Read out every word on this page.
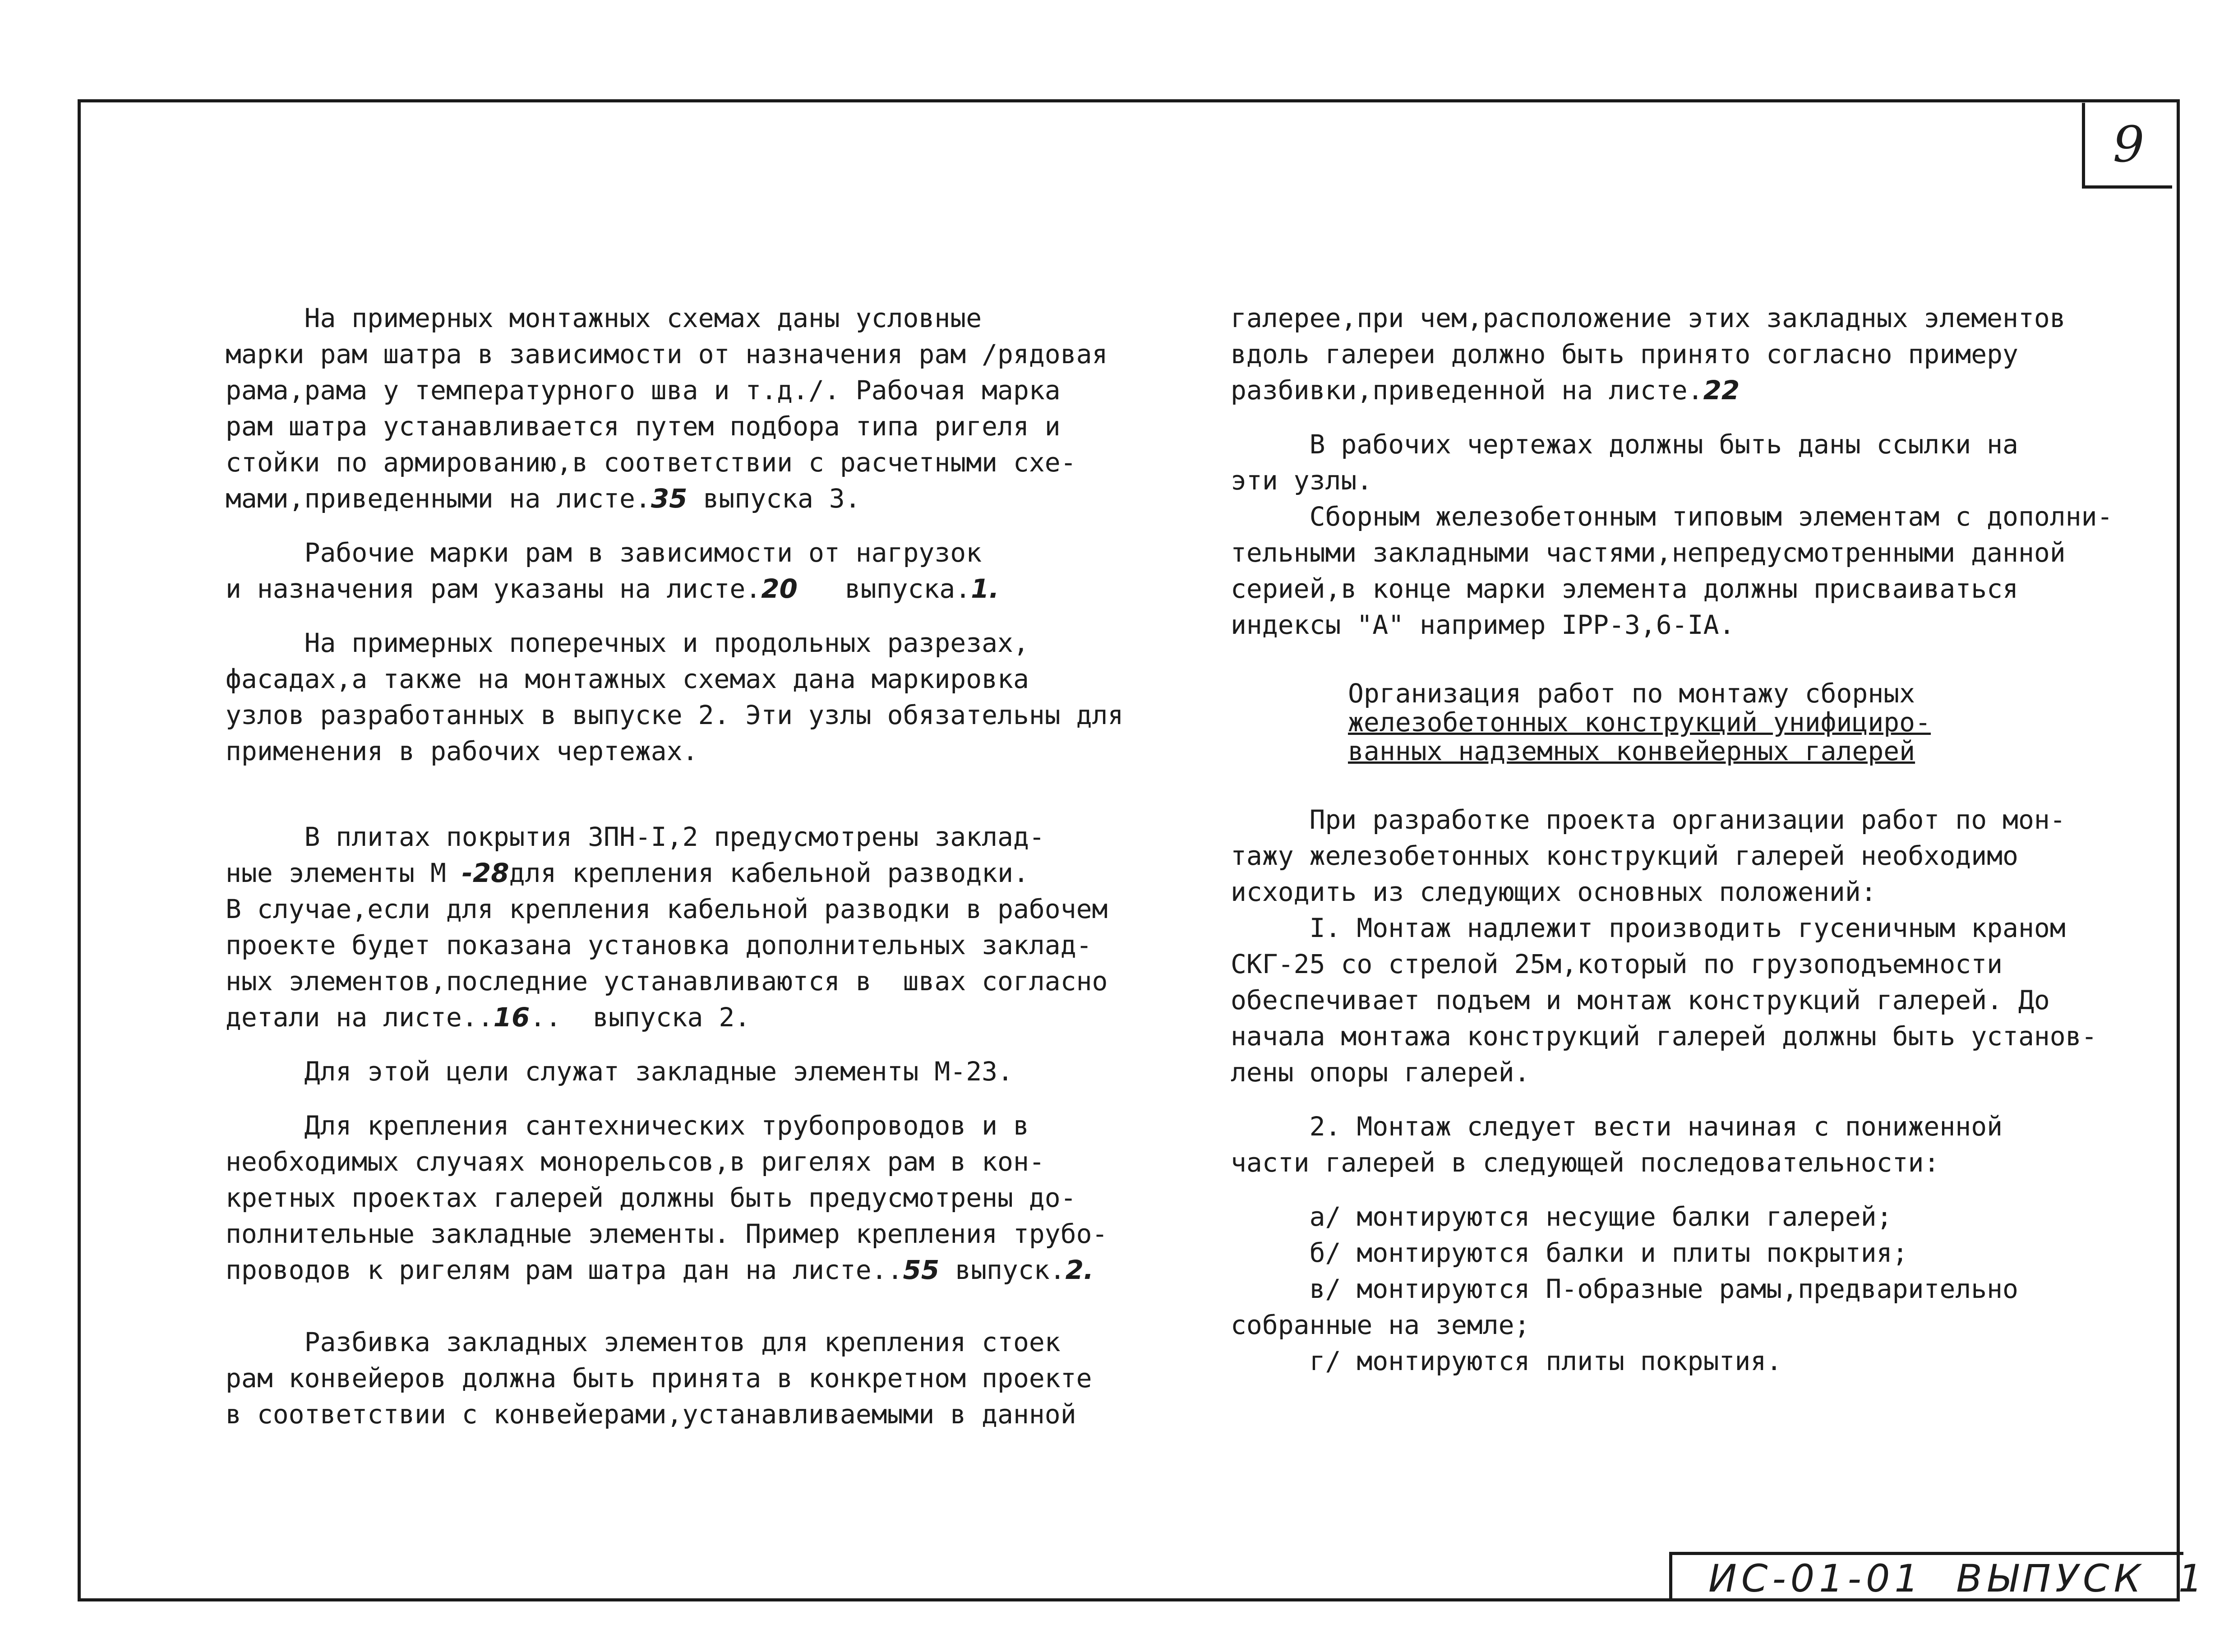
9

На примерных монтажных схемах даны условные

марки рам шатра в зависимости от назначения рам /рядовая

рама,рама у температурного шва и т.д./. Рабочая марка

рам шатра устанавливается путем подбора типа ригеля и

стойки по армированию,в соответствии с расчетными схе-

мами,приведенными на листе.35 выпуска 3.

Рабочие марки рам в зависимости от нагрузок

и назначения рам указаны на листе.20   выпуска.1.

На примерных поперечных и продольных разрезах,

фасадах,а также на монтажных схемах дана маркировка

узлов разработанных в выпуске 2. Эти узлы обязательны для

применения в рабочих чертежах.

В плитах покрытия ЗПН-I,2 предусмотрены заклад-

ные элементы М -28для крепления кабельной разводки.

В случае,если для крепления кабельной разводки в рабочем

проекте будет показана установка дополнительных заклад-

ных элементов,последние устанавливаются в  швах согласно

детали на листе..16..  выпуска 2.

Для этой цели служат закладные элементы М-23.

Для крепления сантехнических трубопроводов и в

необходимых случаях монорельсов,в ригелях рам в кон-

кретных проектах галерей должны быть предусмотрены до-

полнительные закладные элементы. Пример крепления трубо-

проводов к ригелям рам шатра дан на листе..55 выпуск.2.

Разбивка закладных элементов для крепления стоек

рам конвейеров должна быть принята в конкретном проекте

в соответствии с конвейерами,устанавливаемыми в данной

галерее,при чем,расположение этих закладных элементов

вдоль галереи должно быть принято согласно примеру

разбивки,приведенной на листе.22

В рабочих чертежах должны быть даны ссылки на

эти узлы.

Сборным железобетонным типовым элементам с дополни-

тельными закладными частями,непредусмотренными данной

серией,в конце марки элемента должны присваиваться

индексы "А" например IPP-3,6-IA.

Организация работ по монтажу сборных

железобетонных конструкций унифициро-

ванных надземных конвейерных галерей

При разработке проекта организации работ по мон-

тажу железобетонных конструкций галерей необходимо

исходить из следующих основных положений:

I. Монтаж надлежит производить гусеничным краном

СКГ-25 со стрелой 25м,который по грузоподъемности

обеспечивает подъем и монтаж конструкций галерей. До

начала монтажа конструкций галерей должны быть установ-

лены опоры галерей.

2. Монтаж следует вести начиная с пониженной

части галерей в следующей последовательности:

а/ монтируются несущие балки галерей;

б/ монтируются балки и плиты покрытия;

в/ монтируются П-образные рамы,предварительно

собранные на земле;

г/ монтируются плиты покрытия.

ИС-01-01  ВЫПУСК  1
